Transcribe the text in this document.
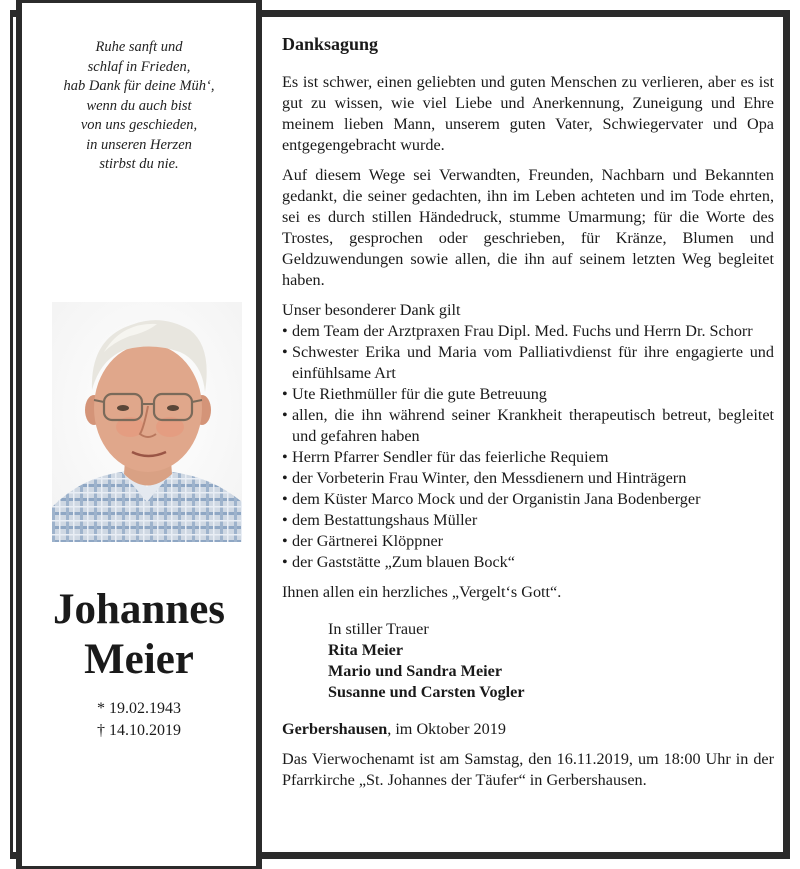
Ruhe sanft und
schlaf in Frieden,
hab Dank für deine Müh‘,
wenn du auch bist
von uns geschieden,
in unseren Herzen
stirbst du nie.
Johannes
Meier
* 19.02.1943
† 14.10.2019
Danksagung
Es ist schwer, einen geliebten und guten Menschen zu verlieren, aber es ist gut zu wissen, wie viel Liebe und Anerkennung, Zuneigung und Ehre meinem lieben Mann, unserem guten Vater, Schwiegervater und Opa entgegengebracht wurde.
Auf diesem Wege sei Verwandten, Freunden, Nachbarn und Bekannten gedankt, die seiner gedachten, ihn im Leben achteten und im Tode ehrten, sei es durch stillen Händedruck, stumme Umarmung; für die Worte des Trostes, gesprochen oder geschrieben, für Kränze, Blumen und Geldzuwendungen sowie allen, die ihn auf seinem letzten Weg begleitet haben.
Unser besonderer Dank gilt
• dem Team der Arztpraxen Frau Dipl. Med. Fuchs und Herrn Dr. Schorr
• Schwester Erika und Maria vom Palliativdienst für ihre engagierte und einfühlsame Art
• Ute Riethmüller für die gute Betreuung
• allen, die ihn während seiner Krankheit therapeutisch betreut, begleitet und gefahren haben
• Herrn Pfarrer Sendler für das feierliche Requiem
• der Vorbeterin Frau Winter, den Messdienern und Hinträgern
• dem Küster Marco Mock und der Organistin Jana Bodenberger
• dem Bestattungshaus Müller
• der Gärtnerei Klöppner
• der Gaststätte „Zum blauen Bock“
Ihnen allen ein herzliches „Vergelt‘s Gott“.
In stiller Trauer
Rita Meier
Mario und Sandra Meier
Susanne und Carsten Vogler
Gerbershausen, im Oktober 2019
Das Vierwochenamt ist am Samstag, den 16.11.2019, um 18:00 Uhr in der Pfarrkirche „St. Johannes der Täufer“ in Gerbershausen.
